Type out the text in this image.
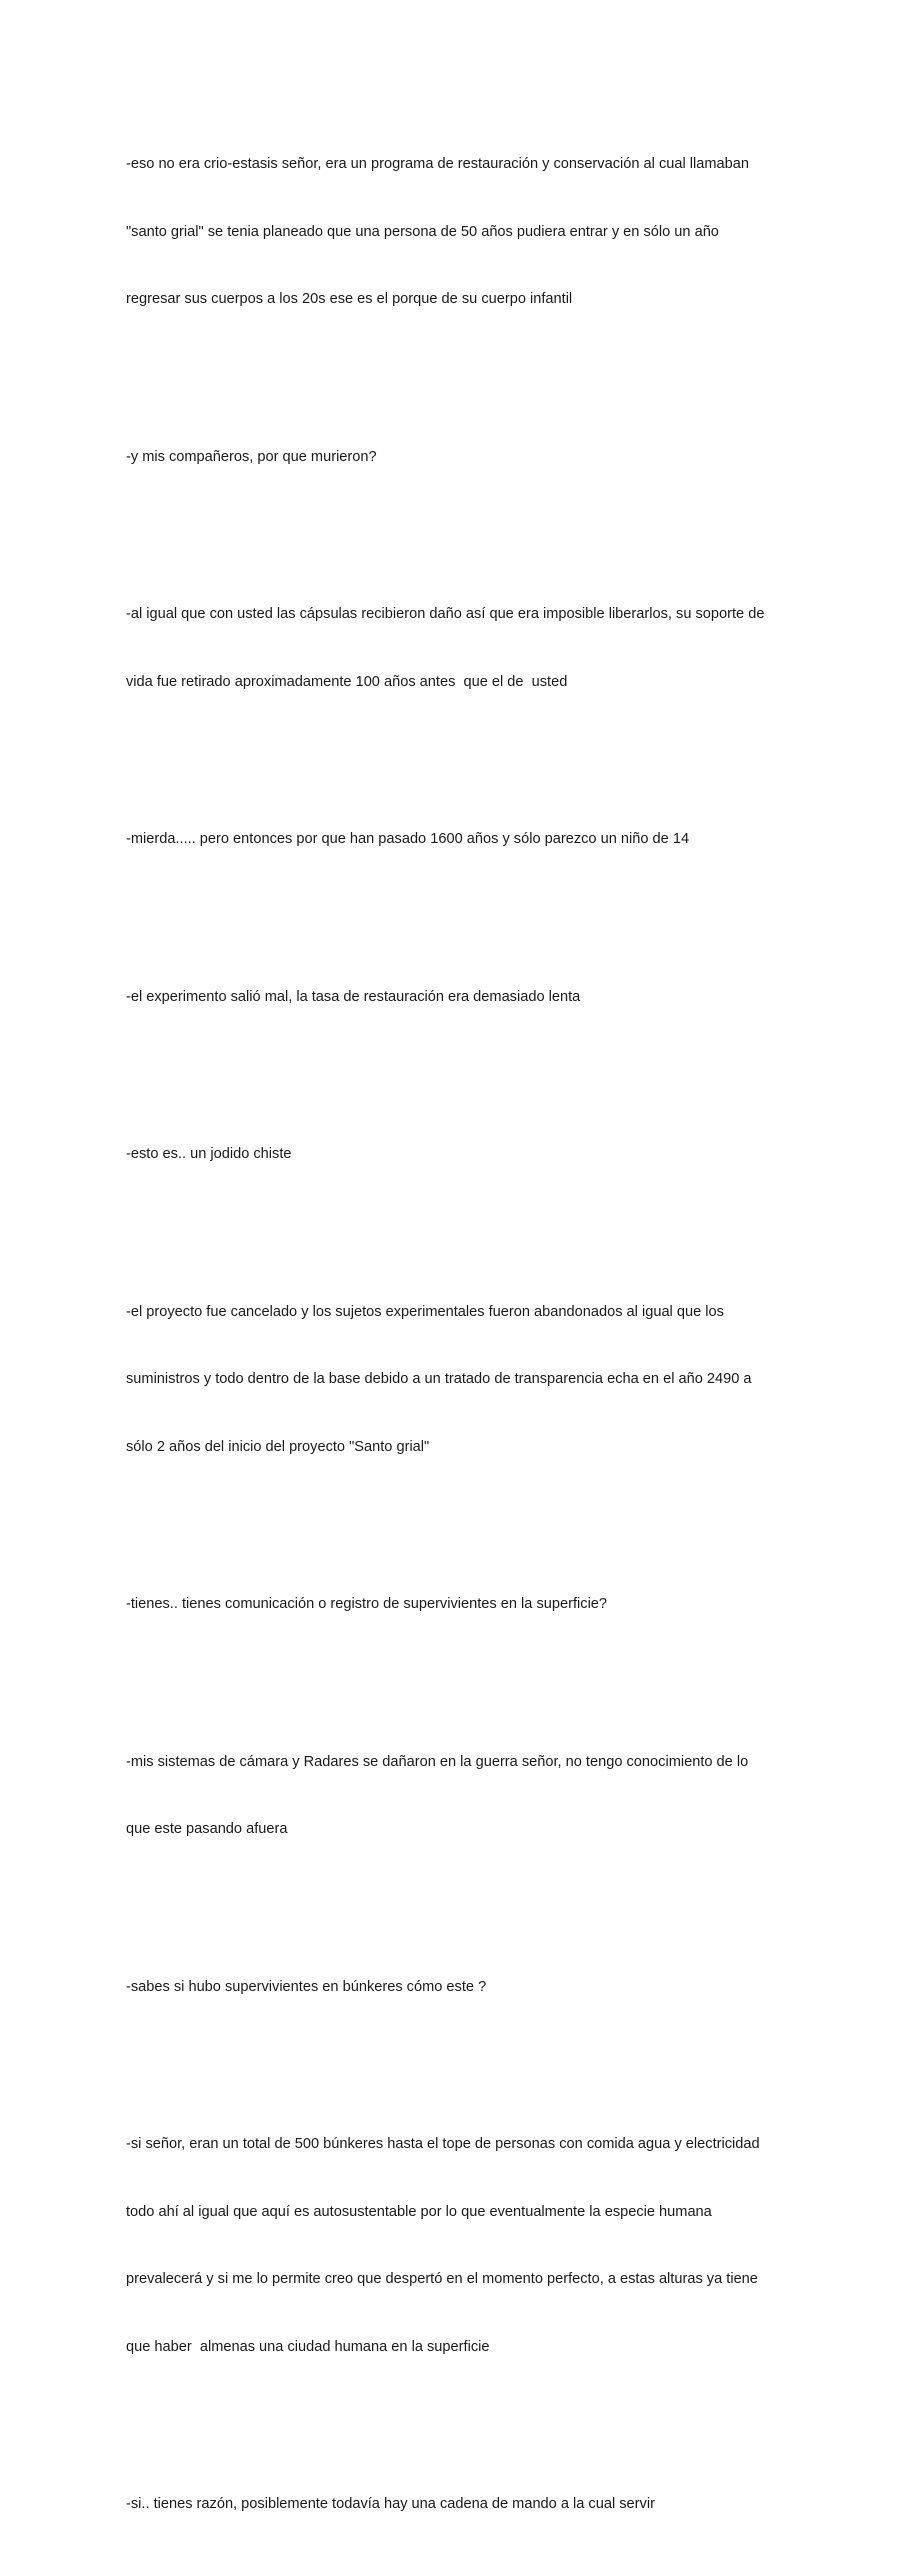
-eso no era crio-estasis señor, era un programa de restauración y conservación al cual llamaban

"santo grial" se tenia planeado que una persona de 50 años pudiera entrar y en sólo un año

regresar sus cuerpos a los 20s ese es el porque de su cuerpo infantil

-y mis compañeros, por que murieron?

-al igual que con usted las cápsulas recibieron daño así que era imposible liberarlos, su soporte de

vida fue retirado aproximadamente 100 años antes  que el de  usted

-mierda..... pero entonces por que han pasado 1600 años y sólo parezco un niño de 14

-el experimento salió mal, la tasa de restauración era demasiado lenta

-esto es.. un jodido chiste

-el proyecto fue cancelado y los sujetos experimentales fueron abandonados al igual que los

suministros y todo dentro de la base debido a un tratado de transparencia echa en el año 2490 a

sólo 2 años del inicio del proyecto "Santo grial"

-tienes.. tienes comunicación o registro de supervivientes en la superficie?

-mis sistemas de cámara y Radares se dañaron en la guerra señor, no tengo conocimiento de lo

que este pasando afuera

-sabes si hubo supervivientes en búnkeres cómo este ?

-si señor, eran un total de 500 búnkeres hasta el tope de personas con comida agua y electricidad

todo ahí al igual que aquí es autosustentable por lo que eventualmente la especie humana

prevalecerá y si me lo permite creo que despertó en el momento perfecto, a estas alturas ya tiene

que haber  almenas una ciudad humana en la superficie

-si.. tienes razón, posiblemente todavía hay una cadena de mando a la cual servir
